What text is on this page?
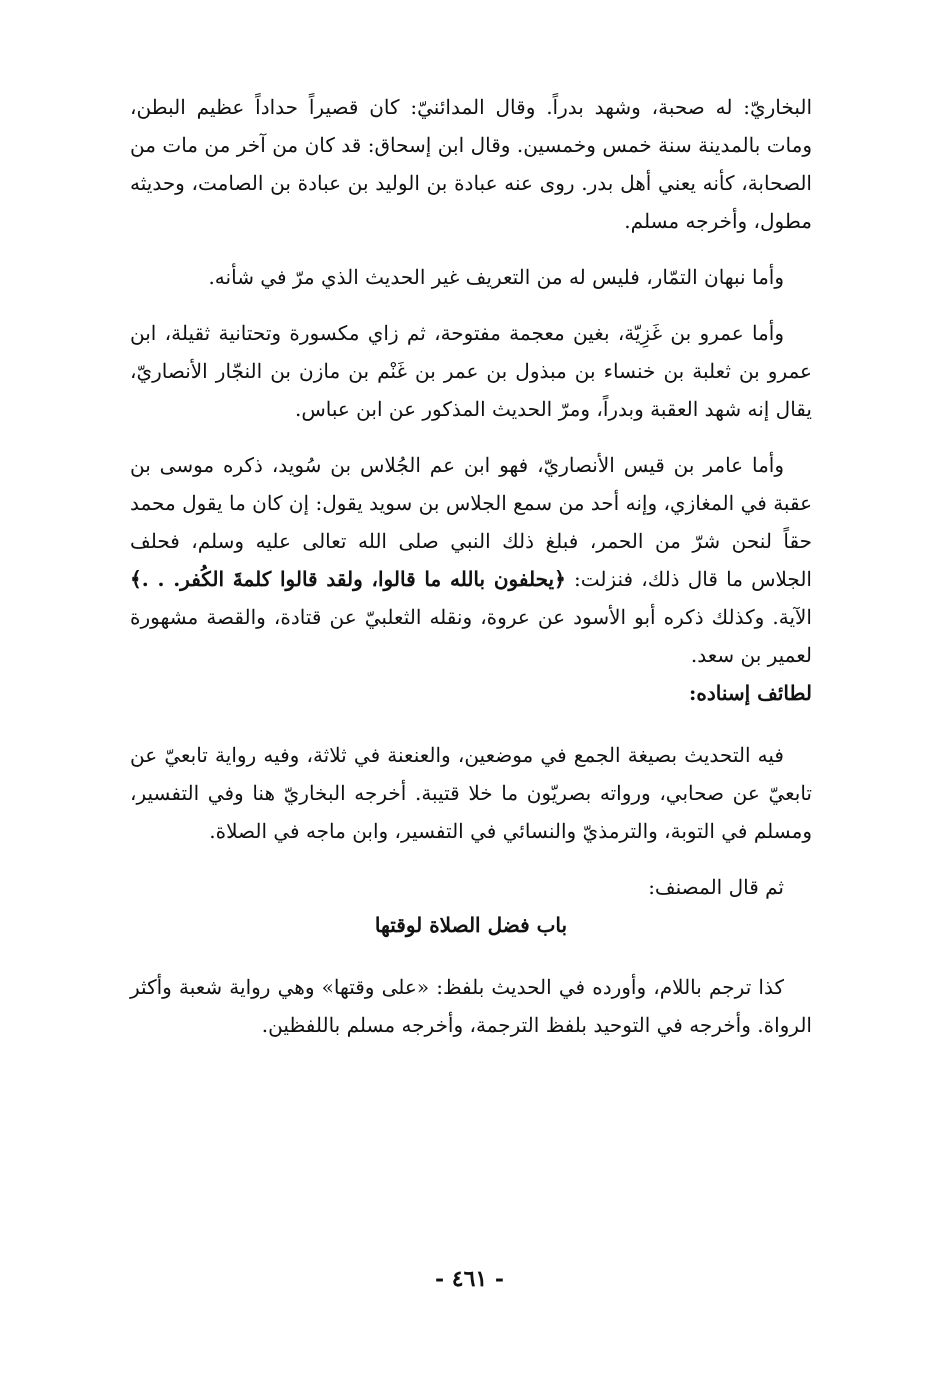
البخاريّ: له صحبة، وشهد بدراً. وقال المدائنيّ: كان قصيراً حداداً عظيم البطن، ومات بالمدينة سنة خمس وخمسين. وقال ابن إسحاق: قد كان من آخر من مات من الصحابة، كأنه يعني أهل بدر. روى عنه عبادة بن الوليد بن عبادة بن الصامت، وحديثه مطول، وأخرجه مسلم.

وأما نبهان التمّار، فليس له من التعريف غير الحديث الذي مرّ في شأنه.

وأما عمرو بن غَزِيّة، بغين معجمة مفتوحة، ثم زاي مكسورة وتحتانية ثقيلة، ابن عمرو بن ثعلبة بن خنساء بن مبذول بن عمر بن غَنْم بن مازن بن النجّار الأنصاريّ، يقال إنه شهد العقبة وبدراً، ومرّ الحديث المذكور عن ابن عباس.

وأما عامر بن قيس الأنصاريّ، فهو ابن عم الجُلاس بن سُويد، ذكره موسى بن عقبة في المغازي، وإنه أحد من سمع الجلاس بن سويد يقول: إن كان ما يقول محمد حقاً لنحن شرّ من الحمر، فبلغ ذلك النبي صلى الله تعالى عليه وسلم، فحلف الجلاس ما قال ذلك، فنزلت: ﴿يحلفون بالله ما قالوا، ولقد قالوا كلمةَ الكُفر. . .﴾ الآية. وكذلك ذكره أبو الأسود عن عروة، ونقله الثعلبيّ عن قتادة، والقصة مشهورة لعمير بن سعد.

لطائف إسناده:

فيه التحديث بصيغة الجمع في موضعين، والعنعنة في ثلاثة، وفيه رواية تابعيّ عن تابعيّ عن صحابي، ورواته بصريّون ما خلا قتيبة. أخرجه البخاريّ هنا وفي التفسير، ومسلم في التوبة، والترمذيّ والنسائي في التفسير، وابن ماجه في الصلاة.

ثم قال المصنف:

باب فضل الصلاة لوقتها

كذا ترجم باللام، وأورده في الحديث بلفظ: «على وقتها» وهي رواية شعبة وأكثر الرواة. وأخرجه في التوحيد بلفظ الترجمة، وأخرجه مسلم باللفظين.

- ٤٦١ -
